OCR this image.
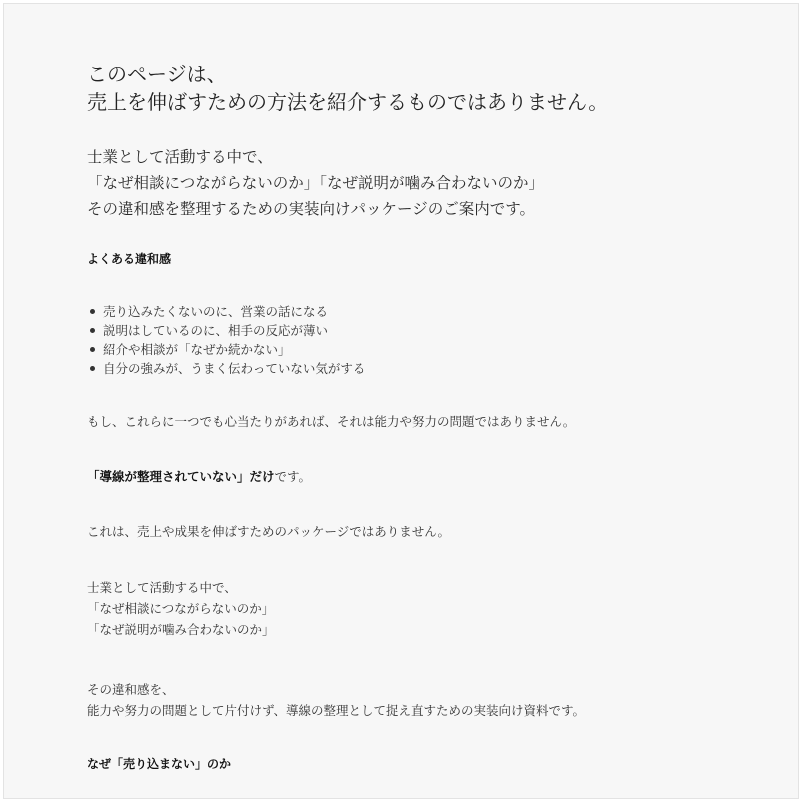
このページは、
売上を伸ばすための方法を紹介するものではありません。
士業として活動する中で、
「なぜ相談につながらないのか」「なぜ説明が噛み合わないのか」
その違和感を整理するための実装向けパッケージのご案内です。
よくある違和感
売り込みたくないのに、営業の話になる
説明はしているのに、相手の反応が薄い
紹介や相談が「なぜか続かない」
自分の強みが、うまく伝わっていない気がする
もし、これらに一つでも心当たりがあれば、それは能力や努力の問題ではありません。
「導線が整理されていない」だけです。
これは、売上や成果を伸ばすためのパッケージではありません。
士業として活動する中で、
「なぜ相談につながらないのか」
「なぜ説明が噛み合わないのか」
その違和感を、
能力や努力の問題として片付けず、導線の整理として捉え直すための実装向け資料です。
なぜ「売り込まない」のか
